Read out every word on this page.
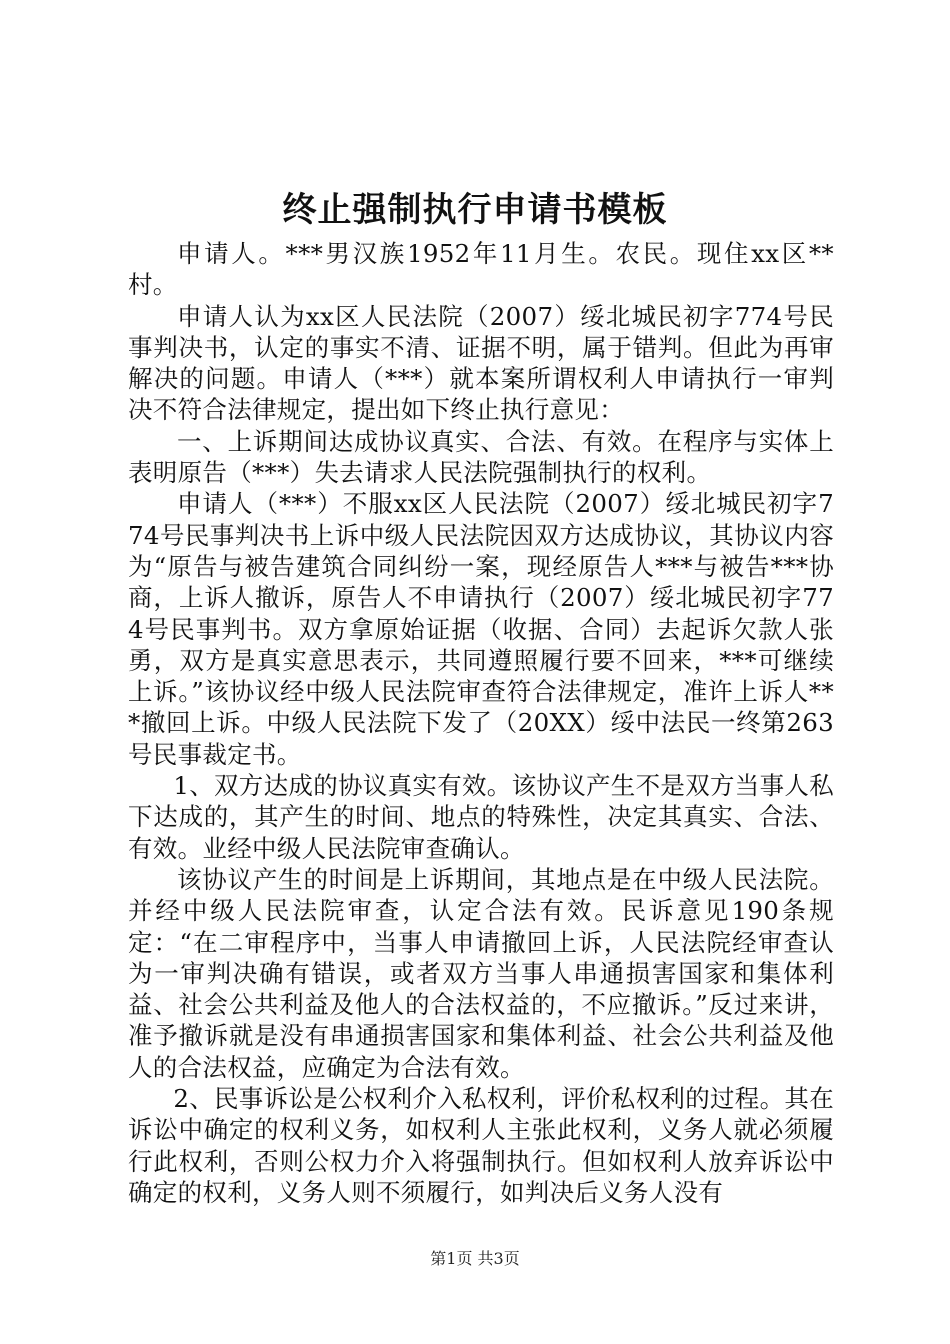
终止强制执行申请书模板

申请人。***男汉族1952年11月生。农民。现住xx区**村。

申请人认为xx区人民法院（2007）绥北城民初字774号民事判决书，认定的事实不清、证据不明，属于错判。但此为再审解决的问题。申请人（***）就本案所谓权利人申请执行一审判决不符合法律规定，提出如下终止执行意见：

一、上诉期间达成协议真实、合法、有效。在程序与实体上表明原告（***）失去请求人民法院强制执行的权利。

申请人（***）不服xx区人民法院（2007）绥北城民初字774号民事判决书上诉中级人民法院因双方达成协议，其协议内容为“原告与被告建筑合同纠纷一案，现经原告人***与被告***协商，上诉人撤诉，原告人不申请执行（2007）绥北城民初字774号民事判书。双方拿原始证据（收据、合同）去起诉欠款人张勇，双方是真实意思表示，共同遵照履行要不回来，***可继续上诉。”该协议经中级人民法院审查符合法律规定，准许上诉人***撤回上诉。中级人民法院下发了（20XX）绥中法民一终第263号民事裁定书。

1、双方达成的协议真实有效。该协议产生不是双方当事人私下达成的，其产生的时间、地点的特殊性，决定其真实、合法、有效。业经中级人民法院审查确认。

该协议产生的时间是上诉期间，其地点是在中级人民法院。并经中级人民法院审查，认定合法有效。民诉意见190条规定：“在二审程序中，当事人申请撤回上诉，人民法院经审查认为一审判决确有错误，或者双方当事人串通损害国家和集体利益、社会公共利益及他人的合法权益的，不应撤诉。”反过来讲，准予撤诉就是没有串通损害国家和集体利益、社会公共利益及他人的合法权益，应确定为合法有效。

2、民事诉讼是公权利介入私权利，评价私权利的过程。其在诉讼中确定的权利义务，如权利人主张此权利，义务人就必须履行此权利，否则公权力介入将强制执行。但如权利人放弃诉讼中确定的权利，义务人则不须履行，如判决后义务人没有

第1页 共3页
